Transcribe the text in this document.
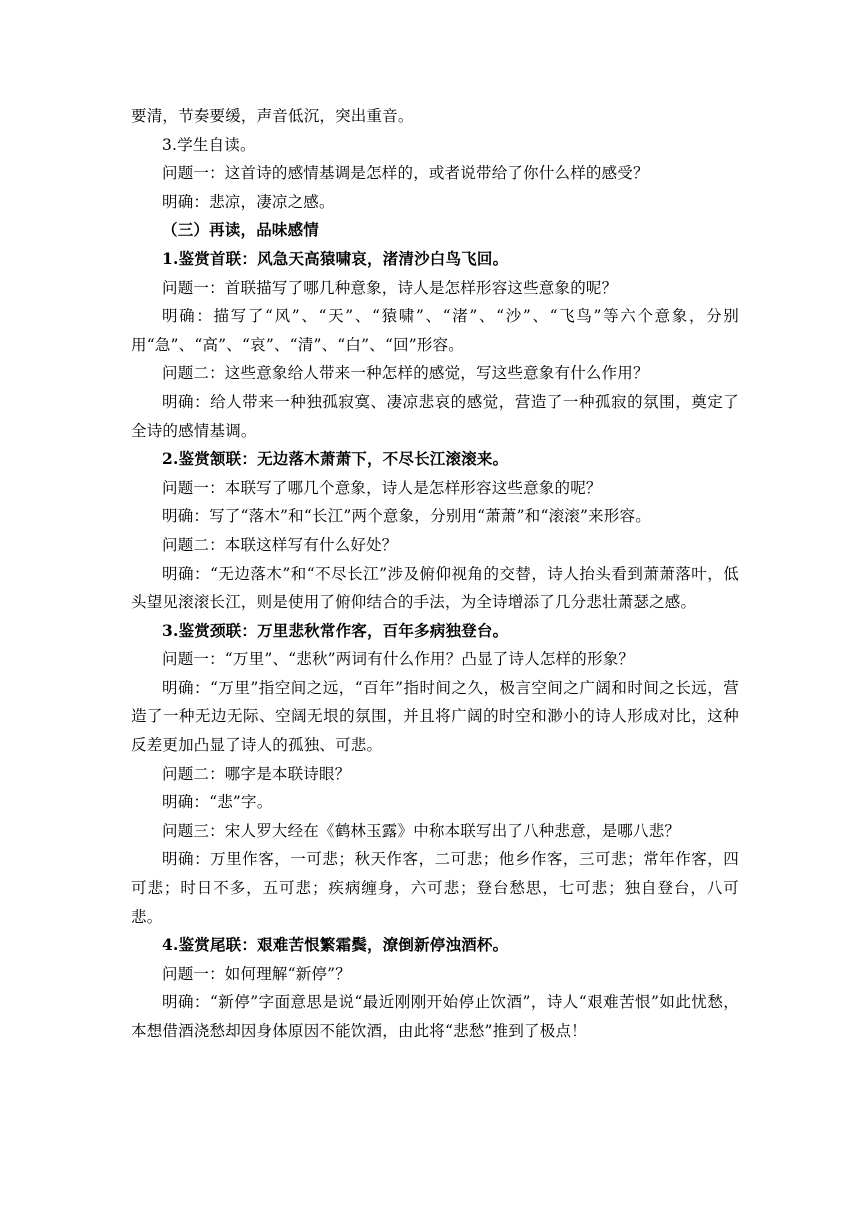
要清，节奏要缓，声音低沉，突出重音。

3.学生自读。

问题一：这首诗的感情基调是怎样的，或者说带给了你什么样的感受？

明确：悲凉，凄凉之感。

（三）再读，品味感情

1.鉴赏首联：风急天高猿啸哀，渚清沙白鸟飞回。

问题一：首联描写了哪几种意象，诗人是怎样形容这些意象的呢？

明确：描写了“风”、“天”、“猿啸”、“渚”、“沙”、“飞鸟”等六个意象，分别用“急”、“高”、“哀”、“清”、“白”、“回”形容。

问题二：这些意象给人带来一种怎样的感觉，写这些意象有什么作用？

明确：给人带来一种独孤寂寞、凄凉悲哀的感觉，营造了一种孤寂的氛围，奠定了全诗的感情基调。

2.鉴赏颔联：无边落木萧萧下，不尽长江滚滚来。

问题一：本联写了哪几个意象，诗人是怎样形容这些意象的呢？

明确：写了“落木”和“长江”两个意象，分别用“萧萧”和“滚滚”来形容。

问题二：本联这样写有什么好处？

明确：“无边落木”和“不尽长江”涉及俯仰视角的交替，诗人抬头看到萧萧落叶，低头望见滚滚长江，则是使用了俯仰结合的手法，为全诗增添了几分悲壮萧瑟之感。

3.鉴赏颈联：万里悲秋常作客，百年多病独登台。

问题一：“万里”、“悲秋”两词有什么作用？凸显了诗人怎样的形象？

明确：“万里”指空间之远，“百年”指时间之久，极言空间之广阔和时间之长远，营造了一种无边无际、空阔无垠的氛围，并且将广阔的时空和渺小的诗人形成对比，这种反差更加凸显了诗人的孤独、可悲。

问题二：哪字是本联诗眼？

明确：“悲”字。

问题三：宋人罗大经在《鹤林玉露》中称本联写出了八种悲意，是哪八悲？

明确：万里作客，一可悲；秋天作客，二可悲；他乡作客，三可悲；常年作客，四可悲；时日不多，五可悲；疾病缠身，六可悲；登台愁思，七可悲；独自登台，八可悲。

4.鉴赏尾联：艰难苦恨繁霜鬓，潦倒新停浊酒杯。

问题一：如何理解“新停”？

明确：“新停”字面意思是说“最近刚刚开始停止饮酒”，诗人“艰难苦恨”如此忧愁，本想借酒浇愁却因身体原因不能饮酒，由此将“悲愁”推到了极点！
